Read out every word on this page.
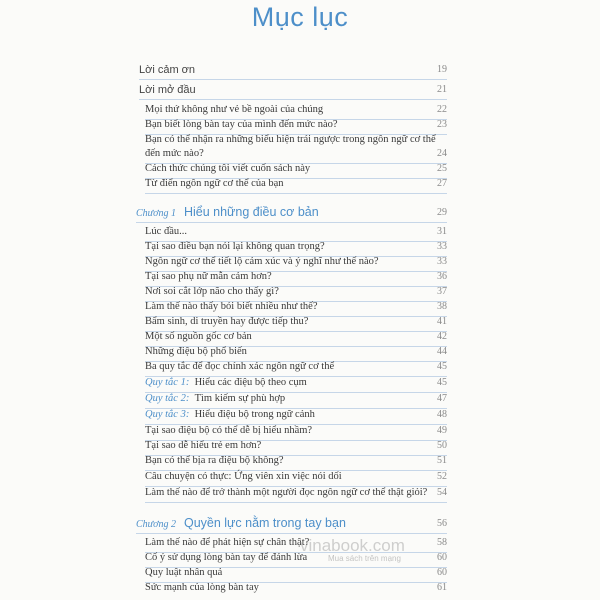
Mục lục
Lời cảm ơn	19
Lời mở đầu	21
Mọi thứ không như vẻ bề ngoài của chúng	22
Bạn biết lòng bàn tay của mình đến mức nào?	23
Bạn có thể nhận ra những biểu hiện trái ngược trong ngôn ngữ cơ thể
đến mức nào?	24
Cách thức chúng tôi viết cuốn sách này	25
Từ điển ngôn ngữ cơ thể của bạn	27
Chương 1 Hiểu những điều cơ bản	29
Lúc đầu...	31
Tại sao điều bạn nói lại không quan trọng?	33
Ngôn ngữ cơ thể tiết lộ cảm xúc và ý nghĩ như thế nào?	33
Tại sao phụ nữ mẫn cảm hơn?	36
Nơi soi cắt lớp não cho thấy gì?	37
Làm thế nào thấy bói biết nhiều như thế?	38
Bẩm sinh, di truyền hay được tiếp thu?	41
Một số nguồn gốc cơ bản	42
Những điệu bộ phổ biến	44
Ba quy tắc để đọc chính xác ngôn ngữ cơ thể	45
Quy tắc 1: Hiểu các điệu bộ theo cụm	45
Quy tắc 2: Tìm kiếm sự phù hợp	47
Quy tắc 3: Hiểu điệu bộ trong ngữ cảnh	48
Tại sao điệu bộ có thể dễ bị hiểu nhầm?	49
Tại sao dễ hiểu trẻ em hơn?	50
Bạn có thể bịa ra điệu bộ không?	51
Câu chuyện có thực: Ứng viên xin việc nói dối	52
Làm thế nào để trở thành một người đọc ngôn ngữ cơ thể thật giỏi? 54
Chương 2 Quyền lực nằm trong tay bạn	56
Làm thế nào để phát hiện sự chân thật?	58
Cố ý sử dụng lòng bàn tay để đánh lừa	60
Quy luật nhân quả	60
Sức mạnh của lòng bàn tay	61
vinabook.com
Mua sách trên mạng
